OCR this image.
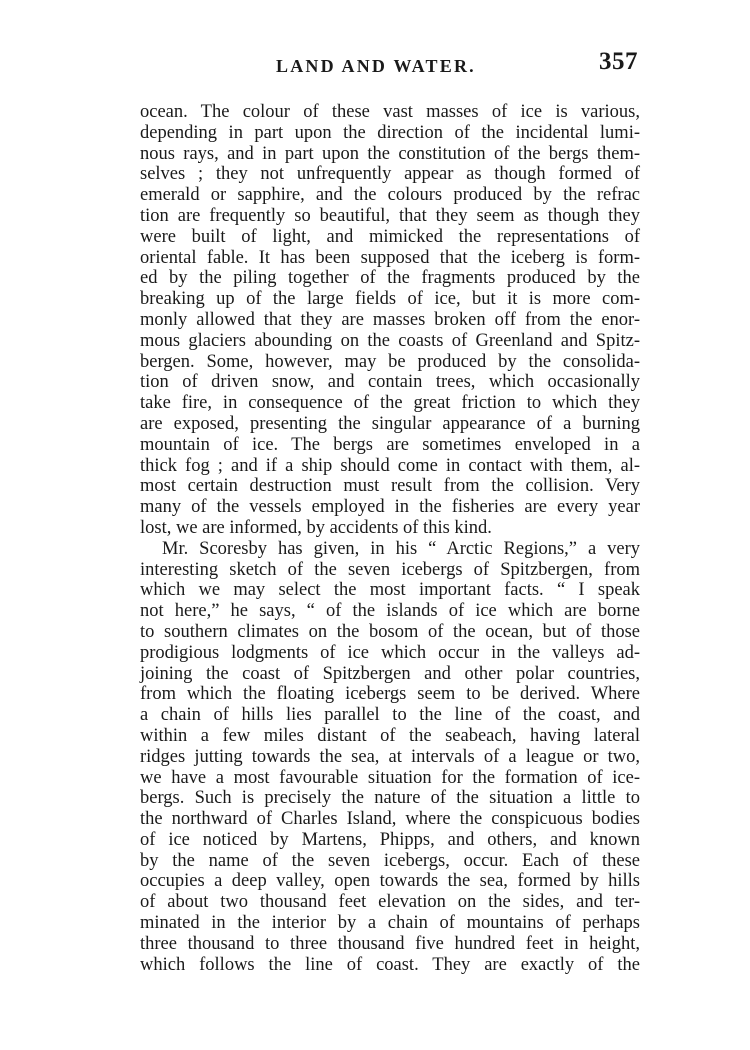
LAND AND WATER.	357
ocean. The colour of these vast masses of ice is various,
depending in part upon the direction of the incidental lumi-
nous rays, and in part upon the constitution of the bergs them-
selves ; they not unfrequently appear as though formed of
emerald or sapphire, and the colours produced by the refrac
tion are frequently so beautiful, that they seem as though they
were built of light, and mimicked the representations of
oriental fable. It has been supposed that the iceberg is form-
ed by the piling together of the fragments produced by the
breaking up of the large fields of ice, but it is more com-
monly allowed that they are masses broken off from the enor-
mous glaciers abounding on the coasts of Greenland and Spitz-
bergen. Some, however, may be produced by the consolida-
tion of driven snow, and contain trees, which occasionally
take fire, in consequence of the great friction to which they
are exposed, presenting the singular appearance of a burning
mountain of ice. The bergs are sometimes enveloped in a
thick fog ; and if a ship should come in contact with them, al-
most certain destruction must result from the collision. Very
many of the vessels employed in the fisheries are every year
lost, we are informed, by accidents of this kind.
Mr. Scoresby has given, in his “ Arctic Regions,” a very
interesting sketch of the seven icebergs of Spitzbergen, from
which we may select the most important facts. “ I speak
not here,” he says, “ of the islands of ice which are borne
to southern climates on the bosom of the ocean, but of those
prodigious lodgments of ice which occur in the valleys ad-
joining the coast of Spitzbergen and other polar countries,
from which the floating icebergs seem to be derived. Where
a chain of hills lies parallel to the line of the coast, and
within a few miles distant of the seabeach, having lateral
ridges jutting towards the sea, at intervals of a league or two,
we have a most favourable situation for the formation of ice-
bergs. Such is precisely the nature of the situation a little to
the northward of Charles Island, where the conspicuous bodies
of ice noticed by Martens, Phipps, and others, and known
by the name of the seven icebergs, occur. Each of these
occupies a deep valley, open towards the sea, formed by hills
of about two thousand feet elevation on the sides, and ter-
minated in the interior by a chain of mountains of perhaps
three thousand to three thousand five hundred feet in height,
which follows the line of coast. They are exactly of the
